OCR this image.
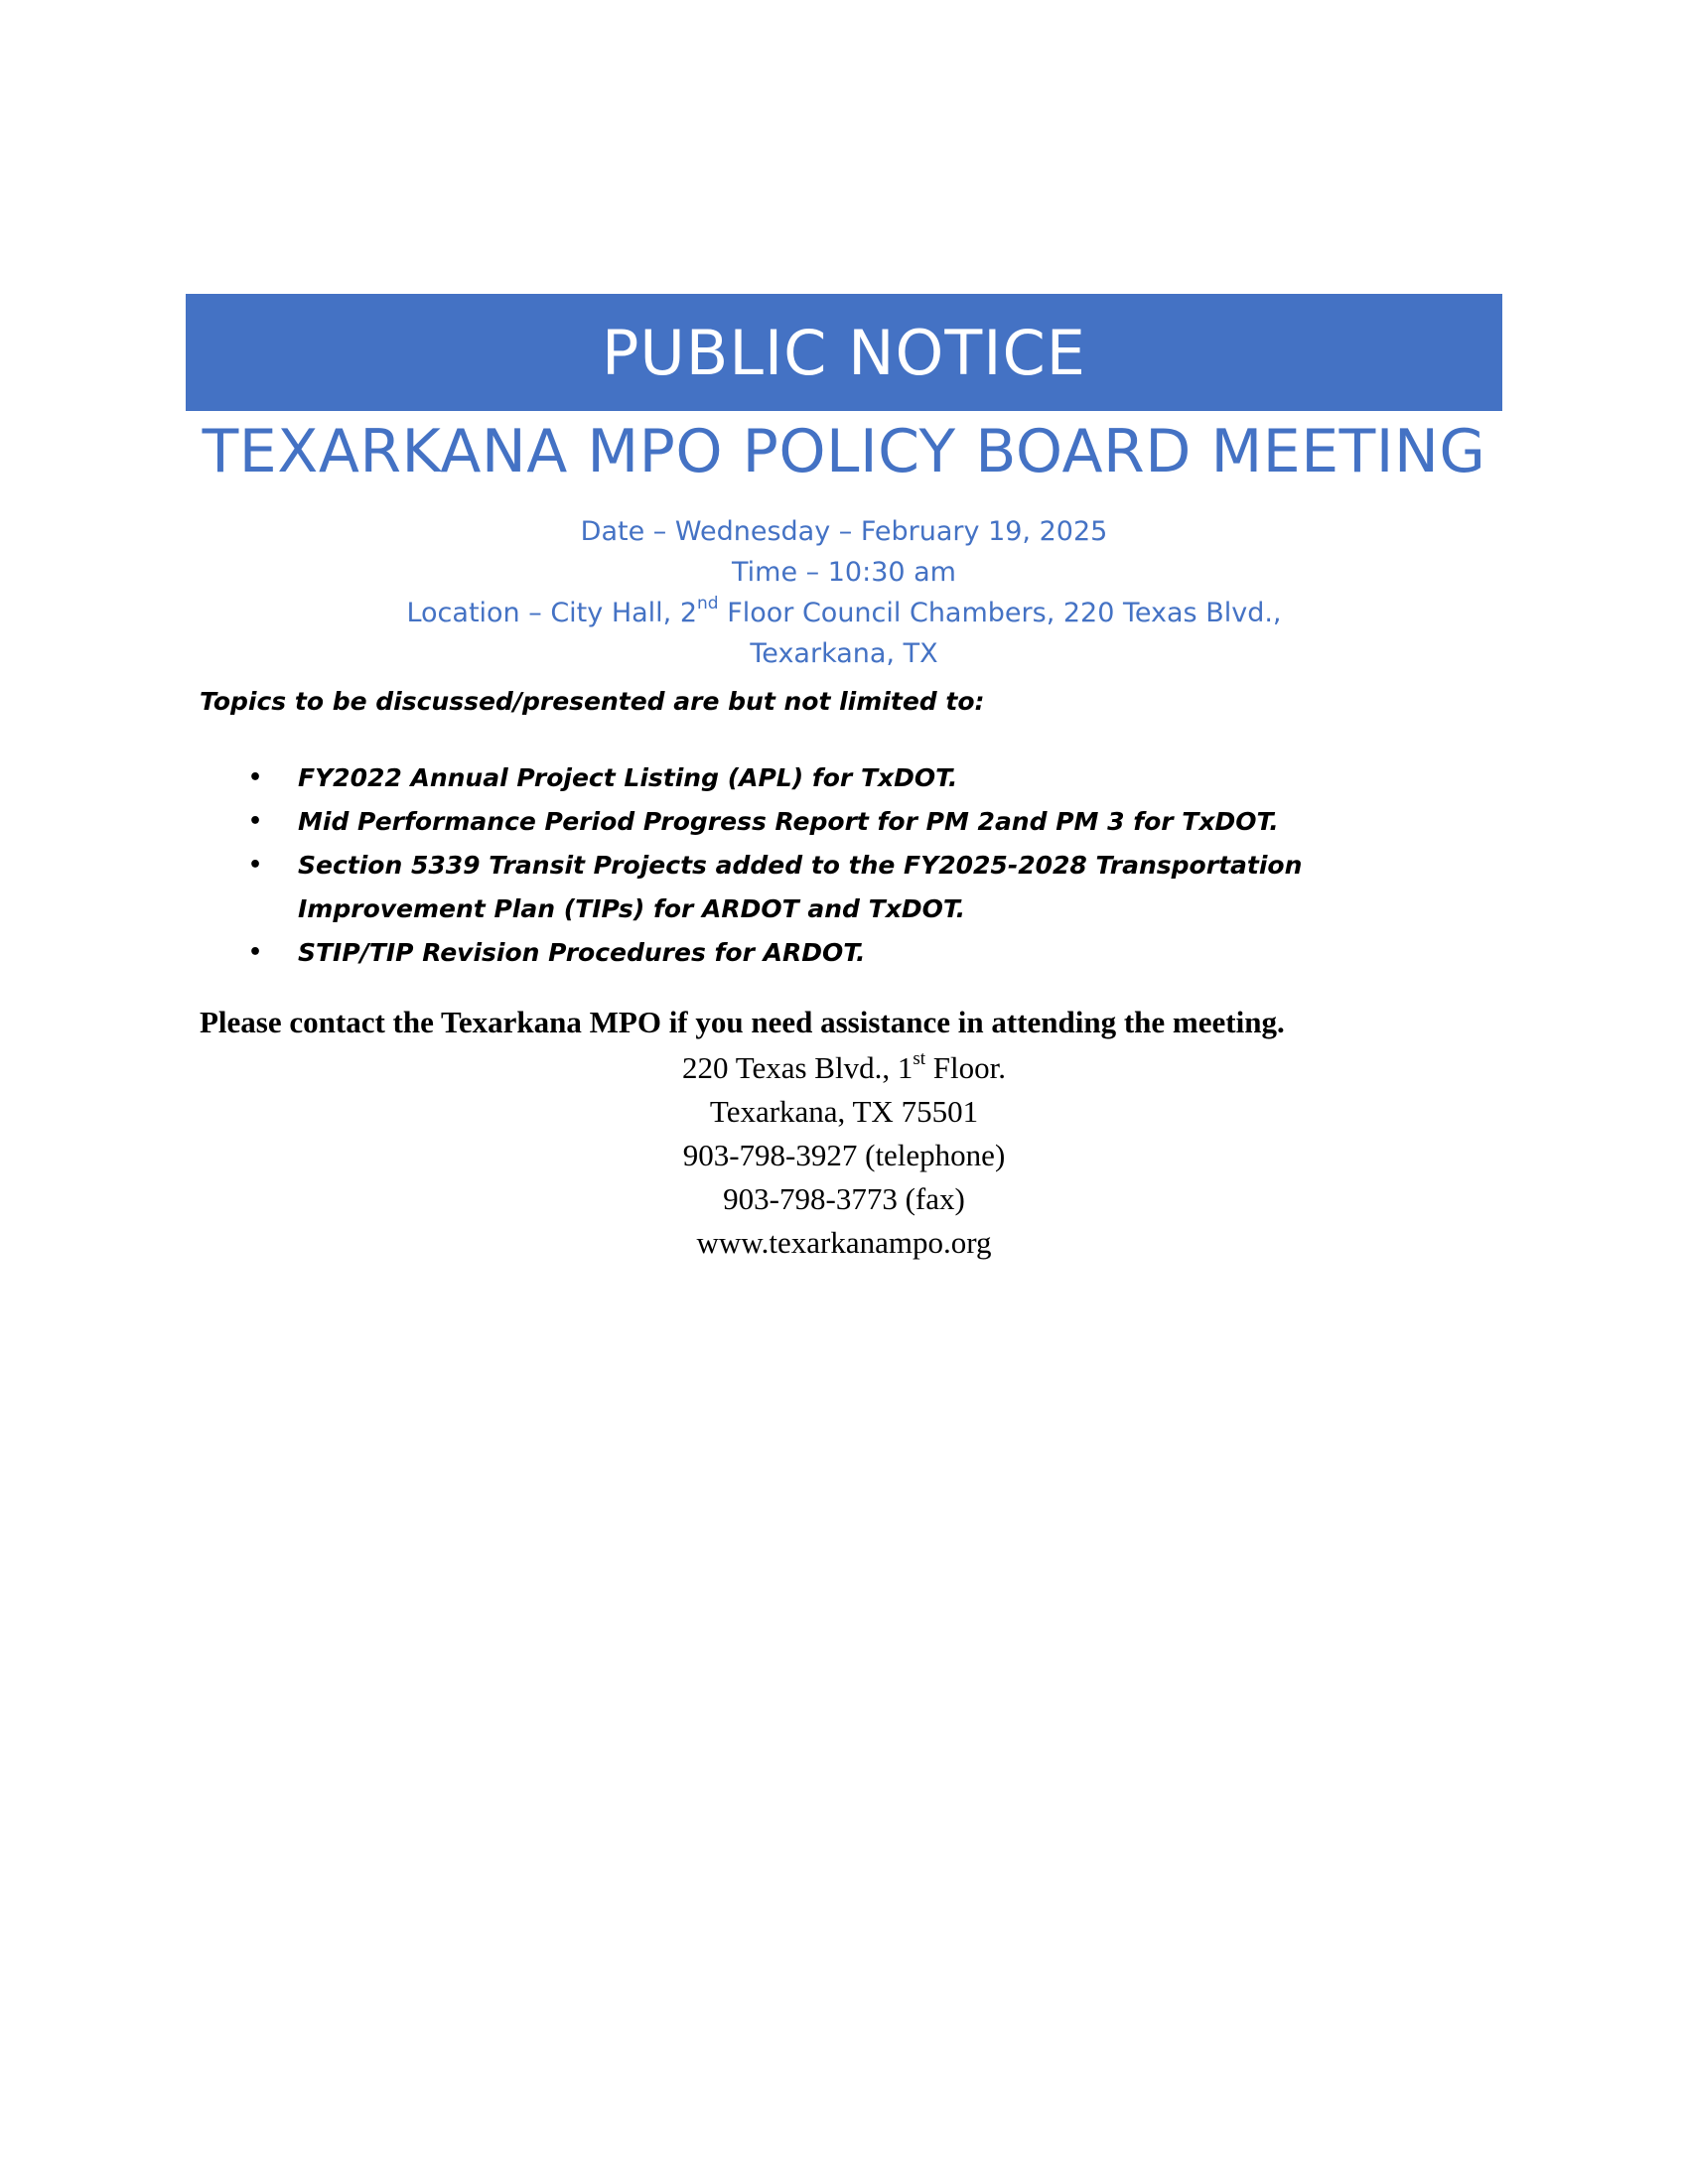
PUBLIC NOTICE
TEXARKANA MPO POLICY BOARD MEETING
Date – Wednesday – February 19, 2025
Time – 10:30 am
Location – City Hall, 2nd Floor Council Chambers, 220 Texas Blvd.,
Texarkana, TX
Topics to be discussed/presented are but not limited to:
•
FY2022 Annual Project Listing (APL) for TxDOT.
•
Mid Performance Period Progress Report for PM 2and PM 3 for TxDOT.
•
Section 5339 Transit Projects added to the FY2025-2028 Transportation Improvement Plan (TIPs) for ARDOT and TxDOT.
•
STIP/TIP Revision Procedures for ARDOT.
Please contact the Texarkana MPO if you need assistance in attending the meeting.
220 Texas Blvd., 1st Floor.
Texarkana, TX 75501
903-798-3927 (telephone)
903-798-3773 (fax)
www.texarkanampo.org
